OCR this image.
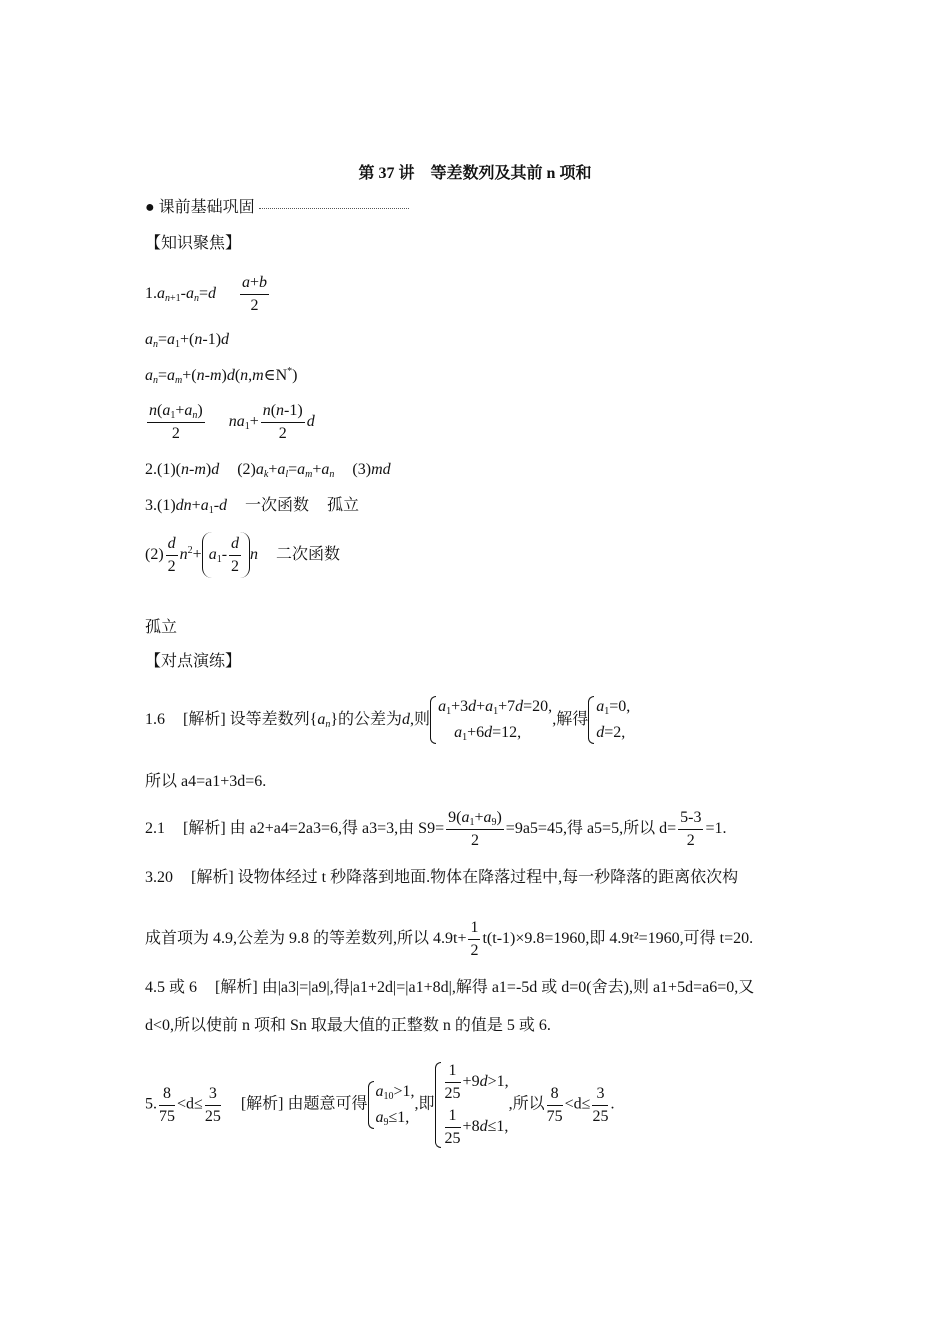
第 37 讲　等差数列及其前 n 项和
● 课前基础巩固
【知识聚焦】
$1.a_{n+1}-a_n=d \frac{a+b}{2}$
$a_n=a_1+(n-1)d$
$a_n=a_m+(n-m)d(n,m\in N^*)$
$\frac{n(a_1+a_n)}{2} na_1+ \frac{n(n-1)}{2}$ d
2.(1)(n-m)d $(2)a_k+a_l=a_m+a_n$ (3)md
$3.(1)dn+a_1-d$ 一次函数 孤立
$(2) \frac{d}{2} n^2+ a_1- \frac{d}{2}$ n 二次函数
孤立
【对点演练】
1.6 [解析] 设等差数列$\{a_n\}$的公差为d,则
$a_1+3d+a_1+7d=20$,
$a_1+6d=12$,
,解得
$a_1=0$,
d=2,
所以 a4=a1+3d=6.
2.1 [解析] 由 a2+a4=2a3=6,得 a3=3,由 $S9= \frac{9(a_1+a_9)}{2} =9a5=45$,得 a5=5,所以 $d= \frac{5-3}{2} =1$.
3.20 [解析] 设物体经过 t 秒降落到地面.物体在降落过程中,每一秒降落的距离依次构
成首项为 4.9,公差为 9.8 的等差数列,所以 $4.9t+ \frac{1}{2} t(t-1)\times 9.8=1960$,即 4.9t²=1960,可得 t=20.
4.5 或 6 [解析] 由|a3|=|a9|,得|a1+2d|=|a1+8d|,解得 a1=-5d 或 d=0(舍去),则 a1+5d=a6=0,又
d<0,所以使前 n 项和 Sn 取最大值的正整数 n 的值是 5 或 6.
5. $\frac{8}{75} <d\le \frac{3}{25}$ [解析] 由题意可得
$a_{10}>1$,
$a_9\le 1$,
,即 $\frac{1}{25} +9d>1$,
$\frac{1}{25} +8d\le 1$,
,所以 $\frac{8}{75} <d\le \frac{3}{25}$ .
